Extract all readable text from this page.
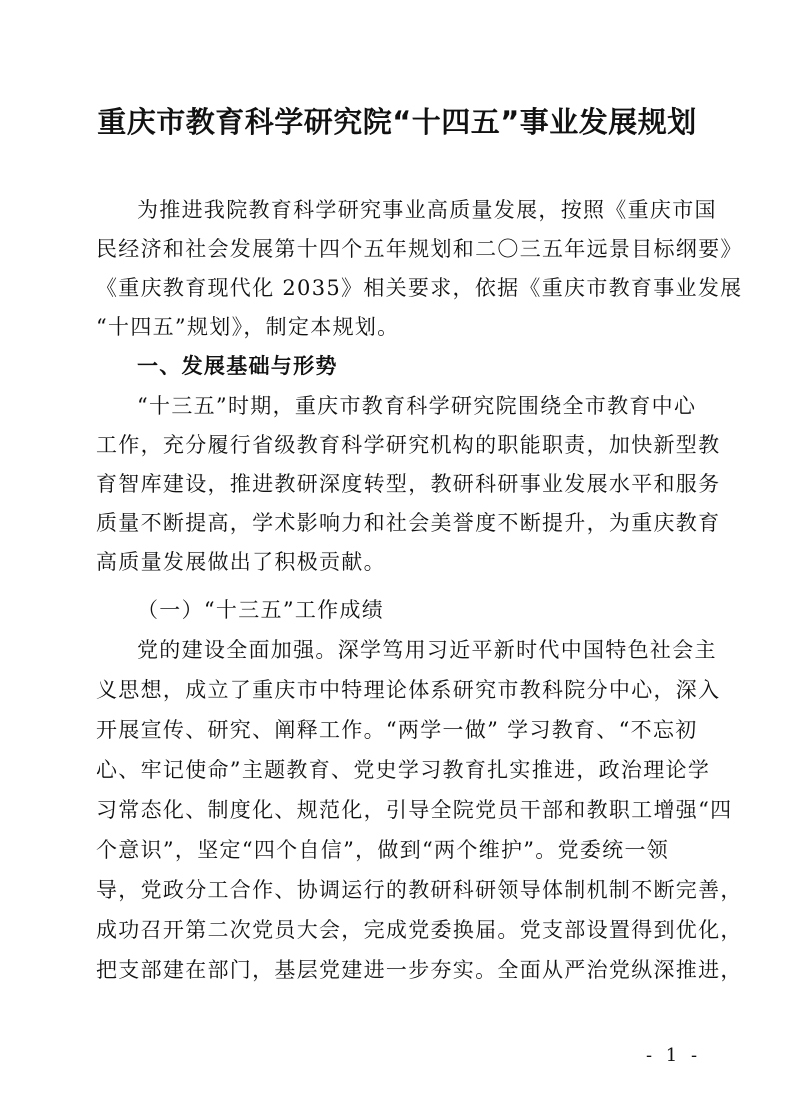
重庆市教育科学研究院“十四五”事业发展规划
为推进我院教育科学研究事业高质量发展，按照《重庆市国
民经济和社会发展第十四个五年规划和二〇三五年远景目标纲要》
《重庆教育现代化 2035》相关要求，依据《重庆市教育事业发展
“十四五”规划》，制定本规划。
一、发展基础与形势
“十三五”时期，重庆市教育科学研究院围绕全市教育中心
工作，充分履行省级教育科学研究机构的职能职责，加快新型教
育智库建设，推进教研深度转型，教研科研事业发展水平和服务
质量不断提高，学术影响力和社会美誉度不断提升，为重庆教育
高质量发展做出了积极贡献。
（一）“十三五”工作成绩
党的建设全面加强。深学笃用习近平新时代中国特色社会主
义思想，成立了重庆市中特理论体系研究市教科院分中心，深入
开展宣传、研究、阐释工作。“两学一做” 学习教育、“不忘初
心、牢记使命”主题教育、党史学习教育扎实推进，政治理论学
习常态化、制度化、规范化，引导全院党员干部和教职工增强“四
个意识”，坚定“四个自信”，做到“两个维护”。党委统一领
导，党政分工合作、协调运行的教研科研领导体制机制不断完善，
成功召开第二次党员大会，完成党委换届。党支部设置得到优化，
把支部建在部门，基层党建进一步夯实。全面从严治党纵深推进，
- 1 -
